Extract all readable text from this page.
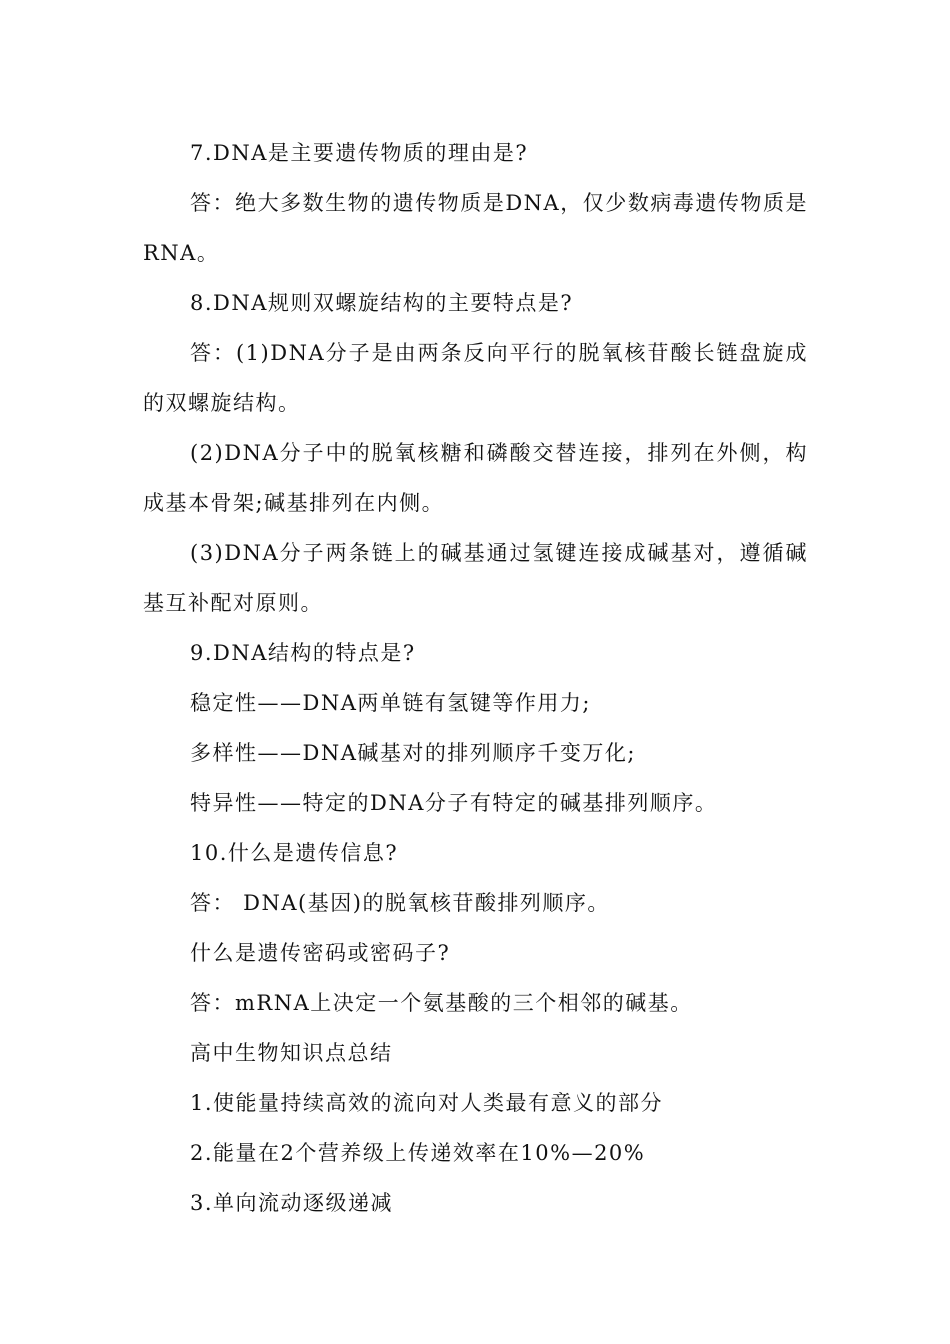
7.DNA是主要遗传物质的理由是?

答：绝大多数生物的遗传物质是DNA，仅少数病毒遗传物质是RNA。

8.DNA规则双螺旋结构的主要特点是?

答：(1)DNA分子是由两条反向平行的脱氧核苷酸长链盘旋成的双螺旋结构。

(2)DNA分子中的脱氧核糖和磷酸交替连接，排列在外侧，构成基本骨架;碱基排列在内侧。

(3)DNA分子两条链上的碱基通过氢键连接成碱基对，遵循碱基互补配对原则。

9.DNA结构的特点是?

稳定性——DNA两单链有氢键等作用力;

多样性——DNA碱基对的排列顺序千变万化;

特异性——特定的DNA分子有特定的碱基排列顺序。

10.什么是遗传信息?

答： DNA(基因)的脱氧核苷酸排列顺序。

什么是遗传密码或密码子?

答：mRNA上决定一个氨基酸的三个相邻的碱基。

高中生物知识点总结

1.使能量持续高效的流向对人类最有意义的部分

2.能量在2个营养级上传递效率在10%—20%

3.单向流动逐级递减
